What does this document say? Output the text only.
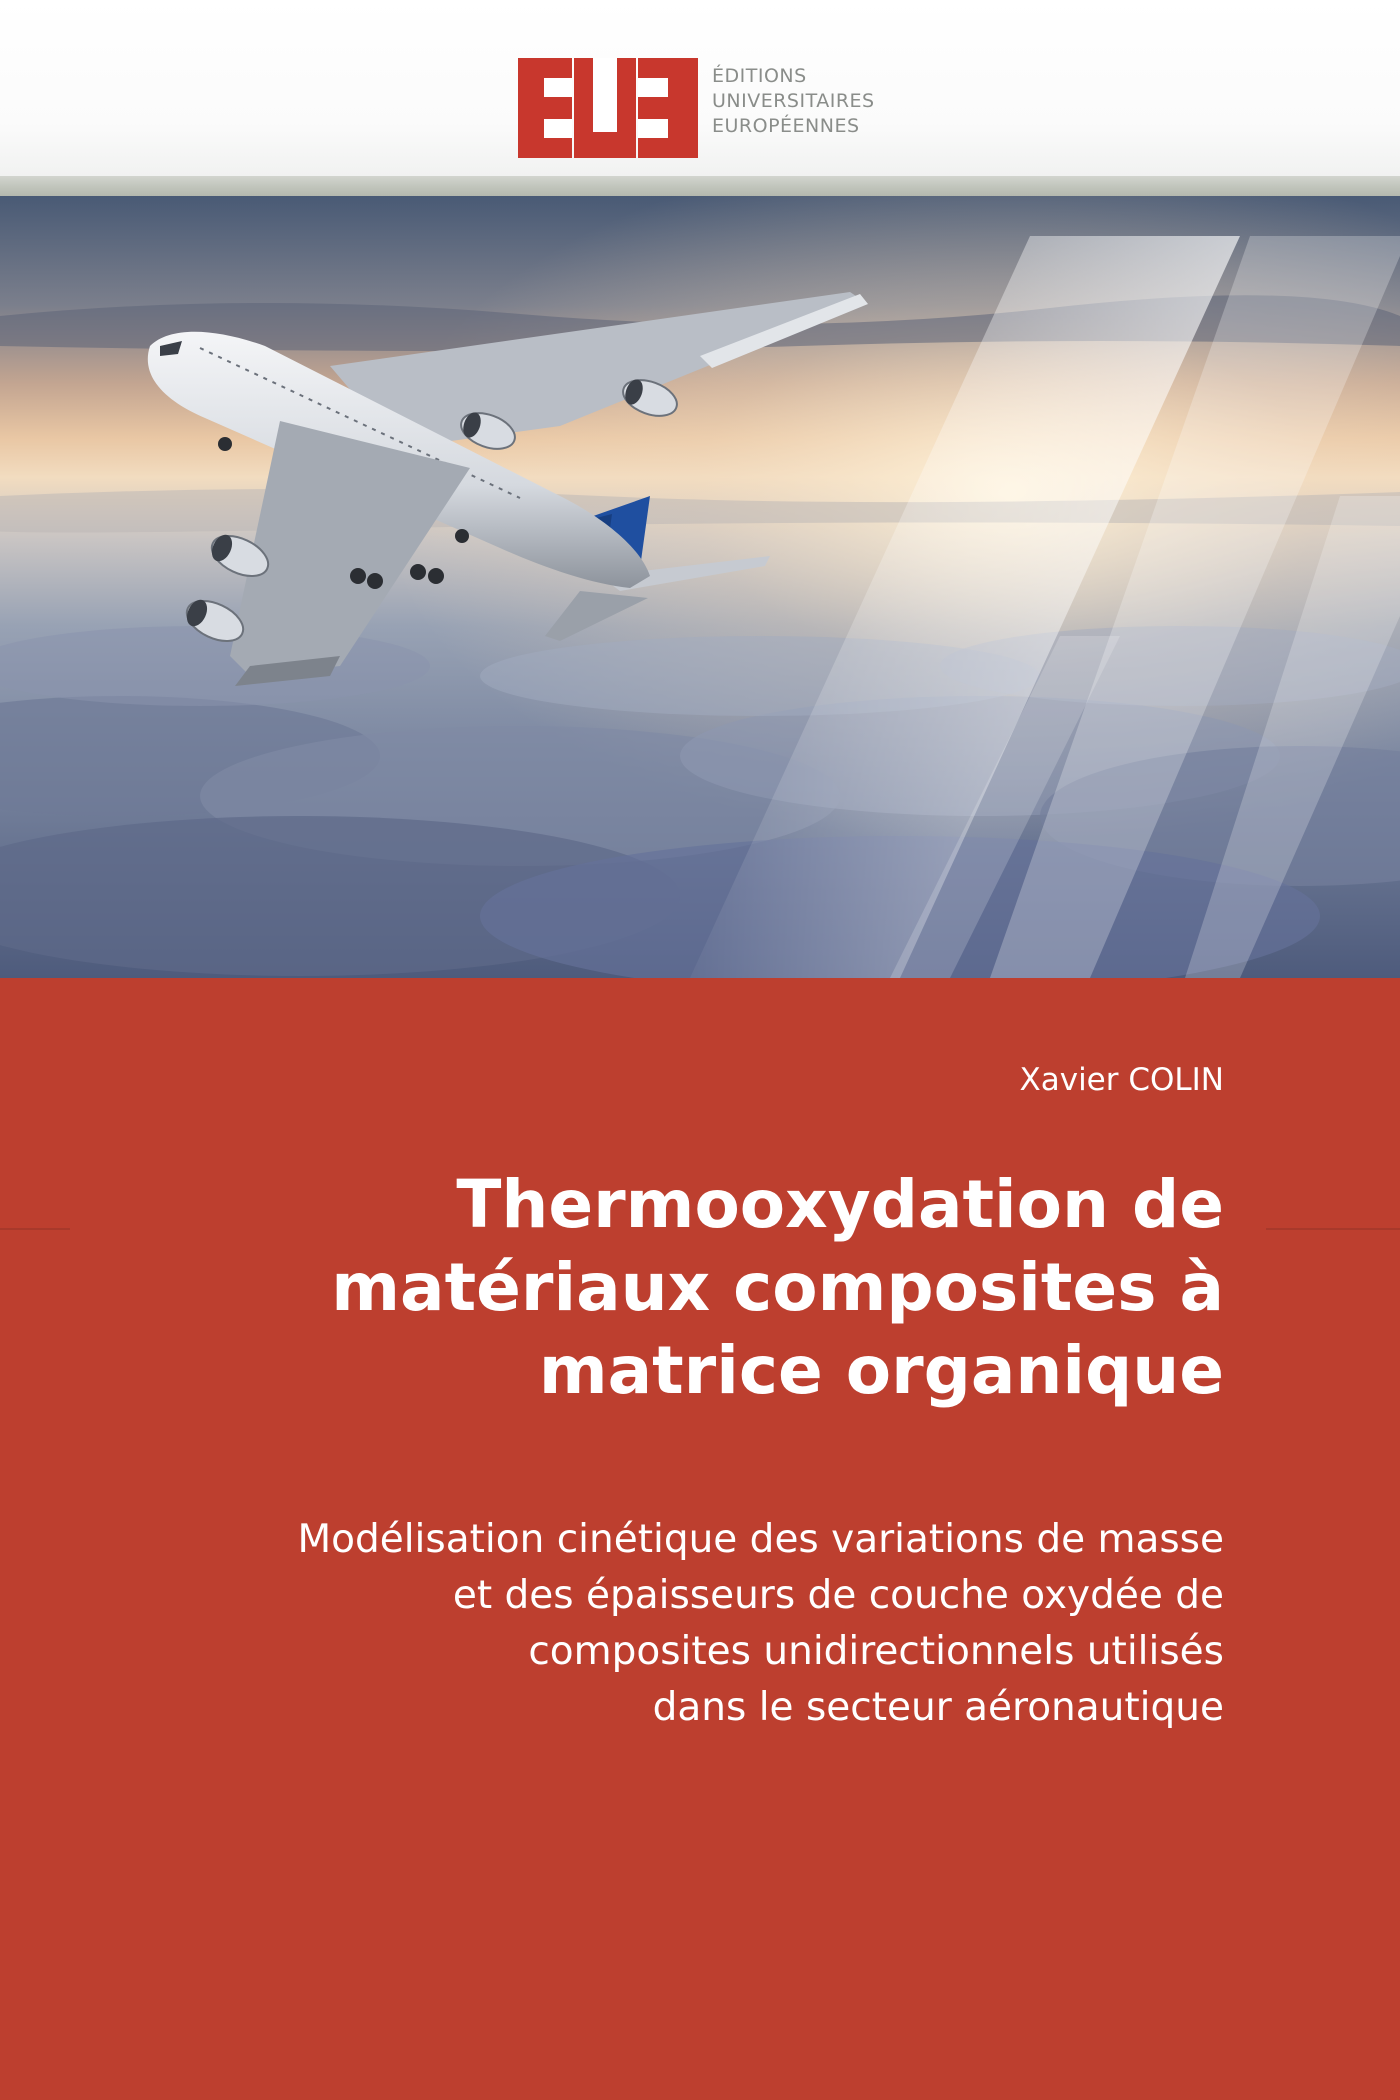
ÉDITIONS
UNIVERSITAIRES
EUROPÉENNES
Xavier COLIN
Thermooxydation de
matériaux composites à
matrice organique
Modélisation cinétique des variations de masse
et des épaisseurs de couche oxydée de
composites unidirectionnels utilisés
dans le secteur aéronautique
